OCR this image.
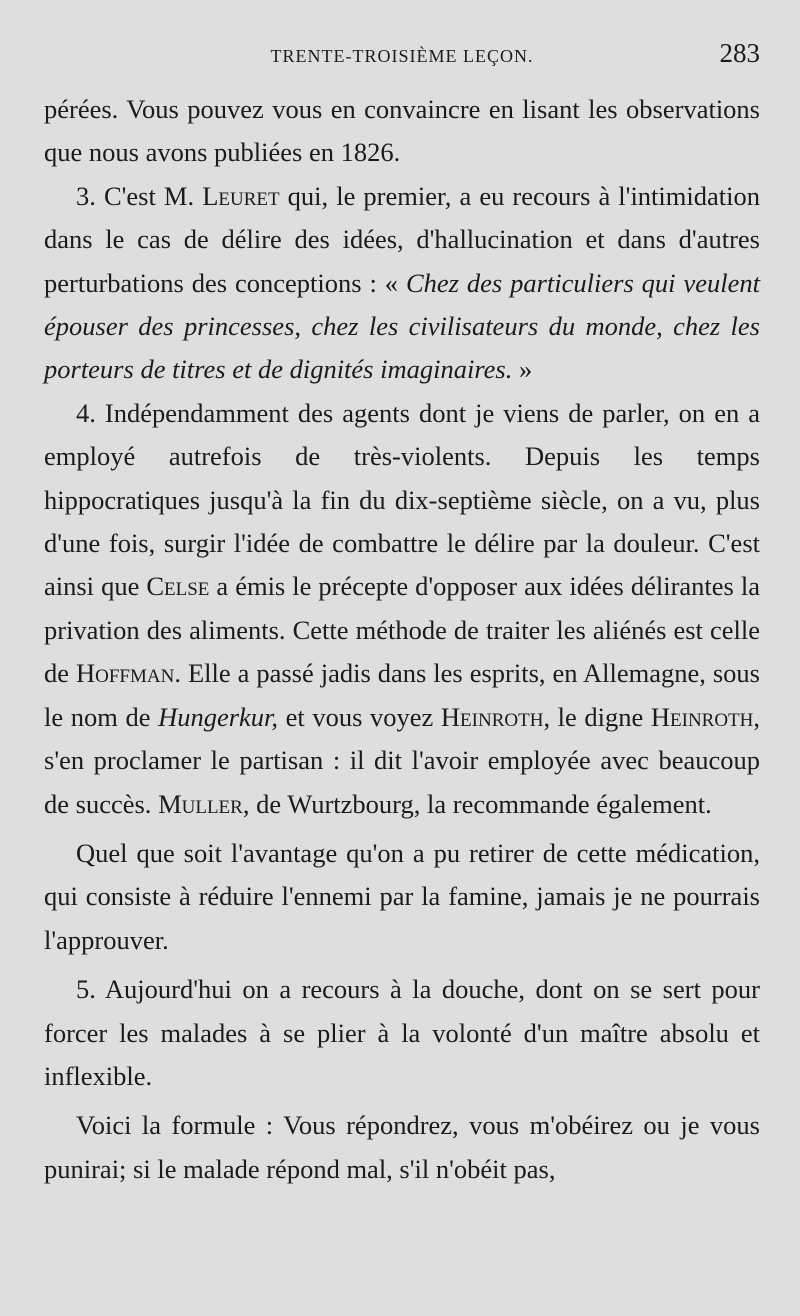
TRENTE-TROISIÈME LEÇON.	283

pérées. Vous pouvez vous en convaincre en lisant les observations que nous avons publiées en 1826.

3. C'est M. Leuret qui, le premier, a eu recours à l'intimidation dans le cas de délire des idées, d'hallucination et dans d'autres perturbations des conceptions : « Chez des particuliers qui veulent épouser des princesses, chez les civilisateurs du monde, chez les porteurs de titres et de dignités imaginaires. »

4. Indépendamment des agents dont je viens de parler, on en a employé autrefois de très-violents. Depuis les temps hippocratiques jusqu'à la fin du dix-septième siècle, on a vu, plus d'une fois, surgir l'idée de combattre le délire par la douleur. C'est ainsi que Celse a émis le précepte d'opposer aux idées délirantes la privation des aliments. Cette méthode de traiter les aliénés est celle de Hoffman. Elle a passé jadis dans les esprits, en Allemagne, sous le nom de Hungerkur, et vous voyez Heinroth, le digne Heinroth, s'en proclamer le partisan : il dit l'avoir employée avec beaucoup de succès. Muller, de Wurtzbourg, la recommande également.

Quel que soit l'avantage qu'on a pu retirer de cette médication, qui consiste à réduire l'ennemi par la famine, jamais je ne pourrais l'approuver.

5. Aujourd'hui on a recours à la douche, dont on se sert pour forcer les malades à se plier à la volonté d'un maître absolu et inflexible.

Voici la formule : Vous répondrez, vous m'obéirez ou je vous punirai; si le malade répond mal, s'il n'obéit pas,
